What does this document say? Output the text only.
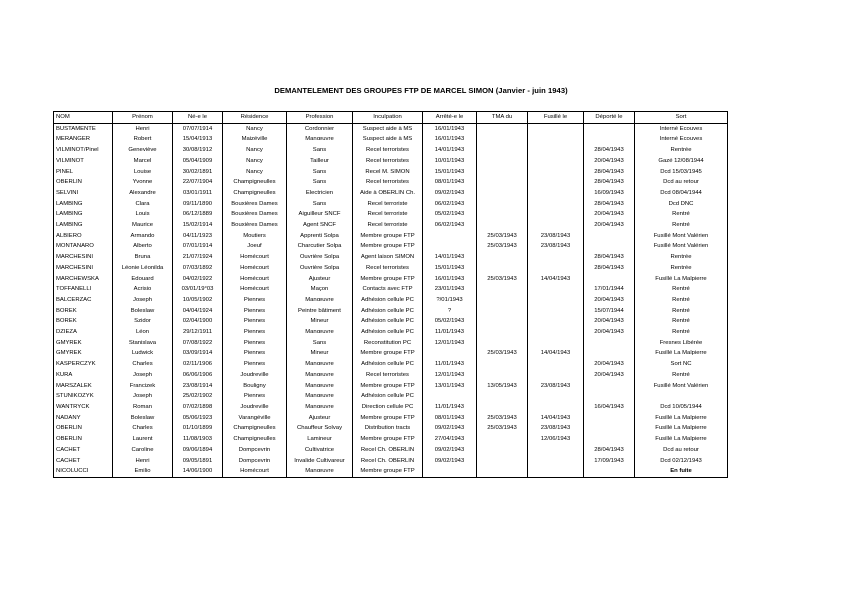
DEMANTELEMENT DES GROUPES FTP DE MARCEL SIMON (Janvier - juin 1943)
NOM	Prénom	Né-e le	Résidence	Profession	Inculpation	Arrêté-e le	TMA du	Fusillé le	Déporté le	Sort
BUSTAMENTE	Henri	07/07/1914	Nancy	Cordonnier	Suspect aide à MS	16/01/1943				Interné Ecouves
MERANGER	Robert	15/04/1913	Maizéville	Manœuvre	Suspect aide à MS	16/01/1943				Interné Ecouves
VILMINOT/Pinel	Geneviève	30/08/1912	Nancy	Sans	Recel terroristes	14/01/1943			28/04/1943	Rentrée
VILMINOT	Marcel	05/04/1909	Nancy	Tailleur	Recel terroristes	10/01/1943			20/04/1943	Gazé 12/08/1944
PINEL	Louise	30/02/1891	Nancy	Sans	Recel M. SIMON	15/01/1943			28/04/1943	Dcd 15/03/1945
OBERLIN	Yvonne	22/07/1904	Champigneulles	Sans	Recel terroristes	08/01/1943			28/04/1943	Dcd au retour
SELVINI	Alexandre	03/01/1911	Champigneulles	Electricien	Aide à OBERLIN Ch.	09/02/1943			16/09/1943	Dcd 08/04/1944
LAMBING	Clara	09/11/1890	Bouxières Dames	Sans	Recel terroriste	06/02/1943			28/04/1943	Dcd DNC
LAMBING	Louis	06/12/1889	Bouxières Dames	Aiguilleur SNCF	Recel terroriste	05/02/1943			20/04/1943	Rentré
LAMBING	Maurice	15/02/1914	Bouxières Dames	Agent SNCF	Recel terroriste	06/02/1943			20/04/1943	Rentré
ALBIERO	Armando	04/11/1923	Moutiers	Apprenti Solpa	Membre groupe FTP		25/03/1943	23/08/1943		Fusillé Mont Valérien
MONTANARO	Alberto	07/01/1914	Joeuf	Charcutier Solpa	Membre groupe FTP		25/03/1943	23/08/1943		Fusillé Mont Valérien
MARCHESINI	Bruna	21/07/1924	Homécourt	Ouvrière Solpa	Agent laison SIMON	14/01/1943			28/04/1943	Rentrée
MARCHESINI	Léonie Léonilda	07/03/1892	Homécourt	Ouvrière Solpa	Recel terroristes	15/01/1943			28/04/1943	Rentrée
MARCHEWSKA	Edouard	04/02/1922	Homécourt	Ajusteur	Membre groupe FTP	16/01/1943	25/03/1943	14/04/1943		Fusillé La Malpierre
TOFFANELLI	Acrisio	03/01/19°03	Homécourt	Maçon	Contacts avec FTP	23/01/1943			17/01/1944	Rentré
BALCERZAC	Joseph	10/05/1902	Piennes	Manœuvre	Adhésion cellule PC	?/01/1943			20/04/1943	Rentré
BOREK	Boleslaw	04/04/1924	Piennes	Peintre bâtiment	Adhésion cellule PC	?			15/07/1944	Rentré
BOREK	Szidor	02/04/1900	Piennes	Mineur	Adhésion cellule PC	05/02/1943			20/04/1943	Rentré
DZIEZA	Léon	29/12/1911	Piennes	Manœuvre	Adhésion cellule PC	11/01/1943			20/04/1943	Rentré
GMYREK	Stanislava	07/08/1922	Piennes	Sans	Reconstitution PC	12/01/1943				Fresnes Libérée
GMYREK	Ludwick	03/09/1914	Piennes	Mineur	Membre groupe FTP		25/03/1943	14/04/1943		Fusillé La Malpierre
KASPERCZYK	Charles	02/11/1906	Piennes	Manœuvre	Adhésion cellule PC	11/01/1943			20/04/1943	Sort NC
KURA	Joseph	06/06/1906	Joudreville	Manœuvre	Recel terroristes	12/01/1943			20/04/1943	Rentré
MARSZALEK	Francizek	23/08/1914	Bouligny	Manœuvre	Membre groupe FTP	13/01/1943	13/05/1943	23/08/1943		Fusillé Mont Valérien
STUNIKOZYK	Joseph	25/02/1902	Piennes	Manœuvre	Adhésion cellule PC					
WANTRYCK	Roman	07/02/1898	Joudreville	Manœuvre	Direction cellule PC	11/01/1943			16/04/1943	Dcd 10/05/1944
NADANY	Boleslaw	05/06/1923	Varangéville	Ajusteur	Membre groupe FTP	08/01/1943	25/03/1943	14/04/1943		Fusillé La Malpierre
OBERLIN	Charles	01/10/1899	Champigneulles	Chauffeur Solvay	Distribution tracts	09/02/1943	25/03/1943	23/08/1943		Fusillé La Malpierre
OBERLIN	Laurent	11/08/1903	Champigneulles	Lamineur	Membre groupe FTP	27/04/1943		12/06/1943		Fusillé La Malpierre
CACHET	Caroline	09/06/1894	Dompcevrin	Cultivatrice	Recel Ch. OBERLIN	09/02/1943			28/04/1943	Dcd au retour
CACHET	Henri	09/05/1891	Dompcevrin	Invalide Cultivareur	Recel Ch. OBERLIN	09/02/1943			17/09/1943	Dcd 02/12/1943
NICOLUCCI	Emilio	14/06/1900	Homécourt	Manœuvre	Membre groupe FTP					En fuite
